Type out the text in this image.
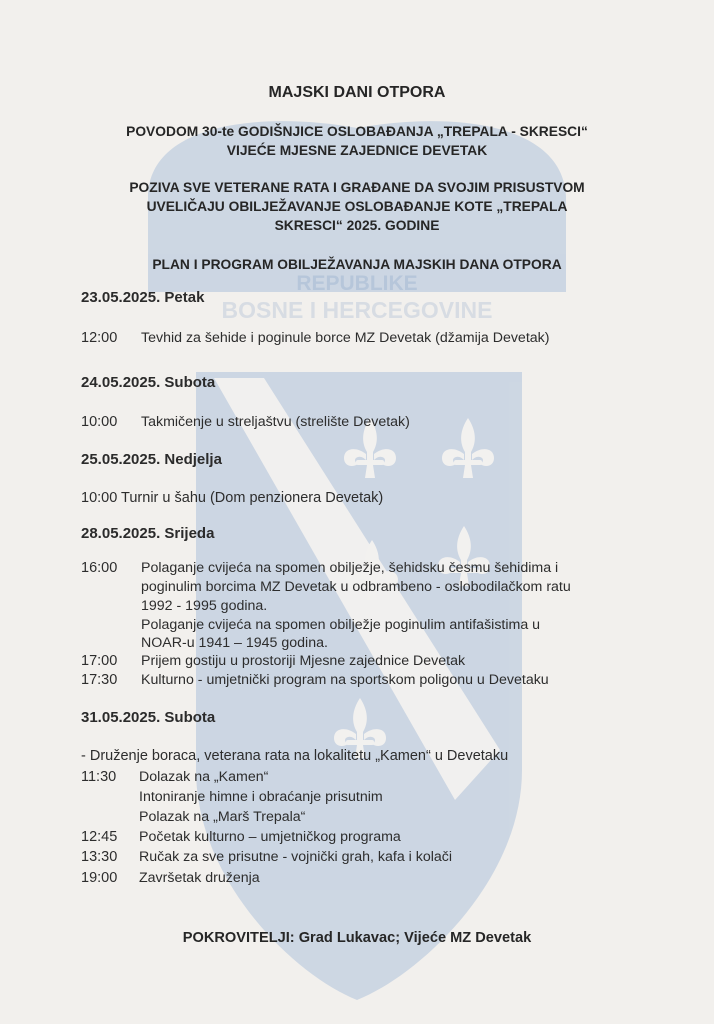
REPUBLIKE
BOSNE I HERCEGOVINE
MAJSKI DANI OTPORA
POVODOM 30-te GODIŠNJICE OSLOBAĐANJA „TREPALA - SKRESCI“
VIJEĆE MJESNE ZAJEDNICE DEVETAK
POZIVA SVE VETERANE RATA I GRAĐANE DA SVOJIM PRISUSTVOM
UVELIČAJU OBILJEŽAVANJE OSLOBAĐANJE KOTE „TREPALA
SKRESCI“ 2025. GODINE
PLAN I PROGRAM OBILJEŽAVANJA MAJSKIH DANA OTPORA
23.05.2025. Petak
12:00 Tevhid za šehide i poginule borce MZ Devetak (džamija Devetak)
24.05.2025. Subota
10:00 Takmičenje u streljaštvu (strelište Devetak)
25.05.2025. Nedjelja
10:00 Turnir u šahu (Dom penzionera Devetak)
28.05.2025. Srijeda
16:00 Polaganje cvijeća na spomen obilježje, šehidsku česmu šehidima i
poginulim borcima MZ Devetak u odbrambeno - oslobodilačkom ratu
1992 - 1995 godina.
Polaganje cvijeća na spomen obilježje poginulim antifašistima u
NOAR-u 1941 – 1945 godina.
17:00 Prijem gostiju u prostoriji Mjesne zajednice Devetak
17:30 Kulturno - umjetnički program na sportskom poligonu u Devetaku
31.05.2025. Subota
- Druženje boraca, veterana rata na lokalitetu „Kamen“ u Devetaku
11:30 Dolazak na „Kamen“
Intoniranje himne i obraćanje prisutnim
Polazak na „Marš Trepala“
12:45 Početak kulturno – umjetničkog programa
13:30 Ručak za sve prisutne - vojnički grah, kafa i kolači
19:00 Završetak druženja
POKROVITELJI: Grad Lukavac; Vijeće MZ Devetak
